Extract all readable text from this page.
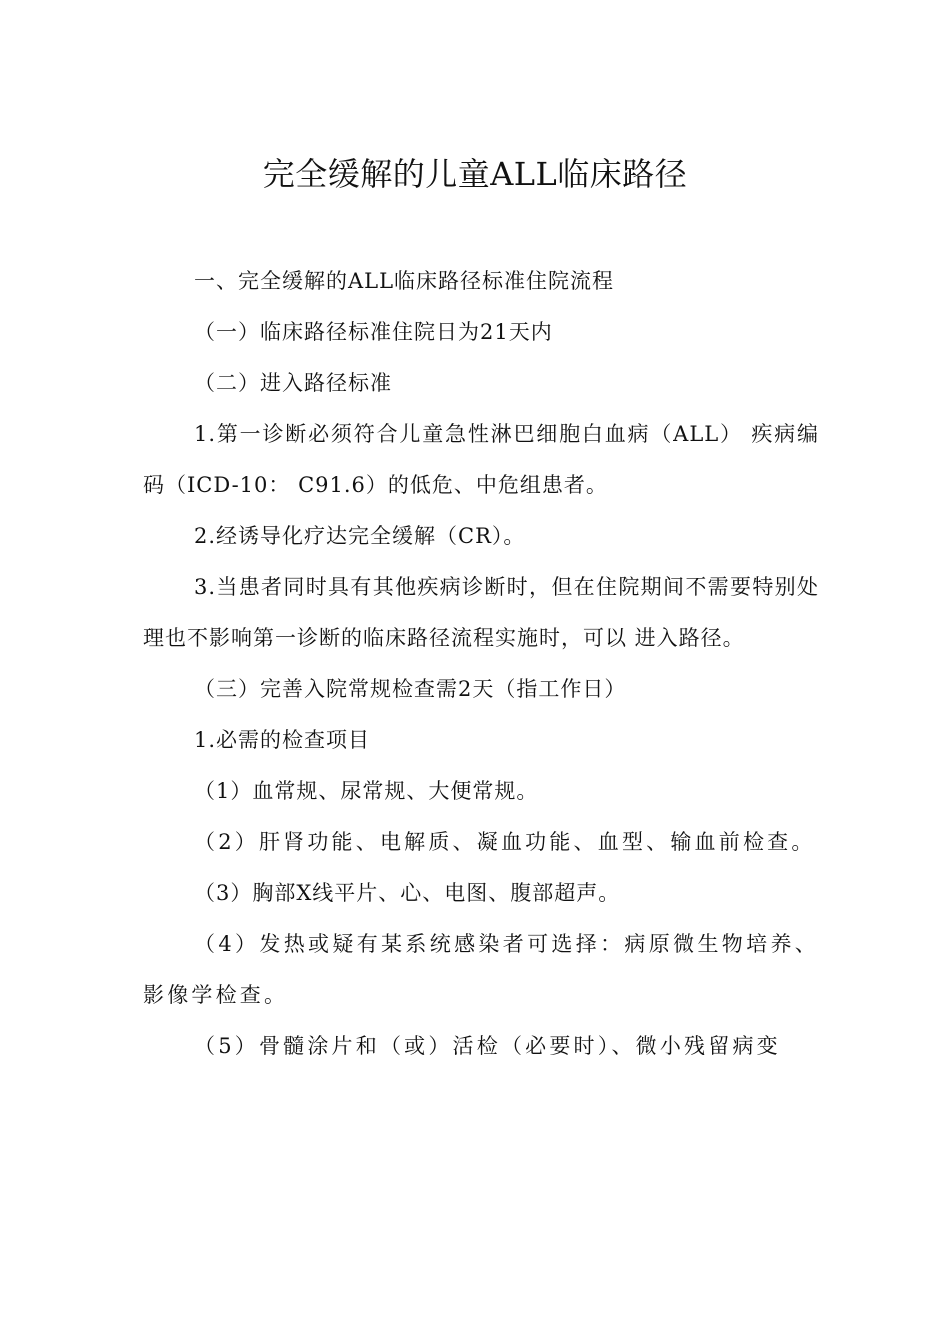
完全缓解的儿童ALL临床路径

一、完全缓解的ALL临床路径标准住院流程

（一）临床路径标准住院日为21天内

（二）进入路径标准

1.第一诊断必须符合儿童急性淋巴细胞白血病（ALL） 疾病编码（ICD-10： C91.6）的低危、中危组患者。

2.经诱导化疗达完全缓解（CR）。

3.当患者同时具有其他疾病诊断时，但在住院期间不需要特别处理也不影响第一诊断的临床路径流程实施时，可以 进入路径。

（三）完善入院常规检查需2天（指工作日）

1.必需的检查项目

（1）血常规、尿常规、大便常规。

（2）肝肾功能、电解质、凝血功能、血型、输血前检查。

（3）胸部X线平片、心、电图、腹部超声。

（4）发热或疑有某系统感染者可选择：病原微生物培养、影像学检查。

（5）骨髓涂片和（或）活检（必要时）、微小残留病变
